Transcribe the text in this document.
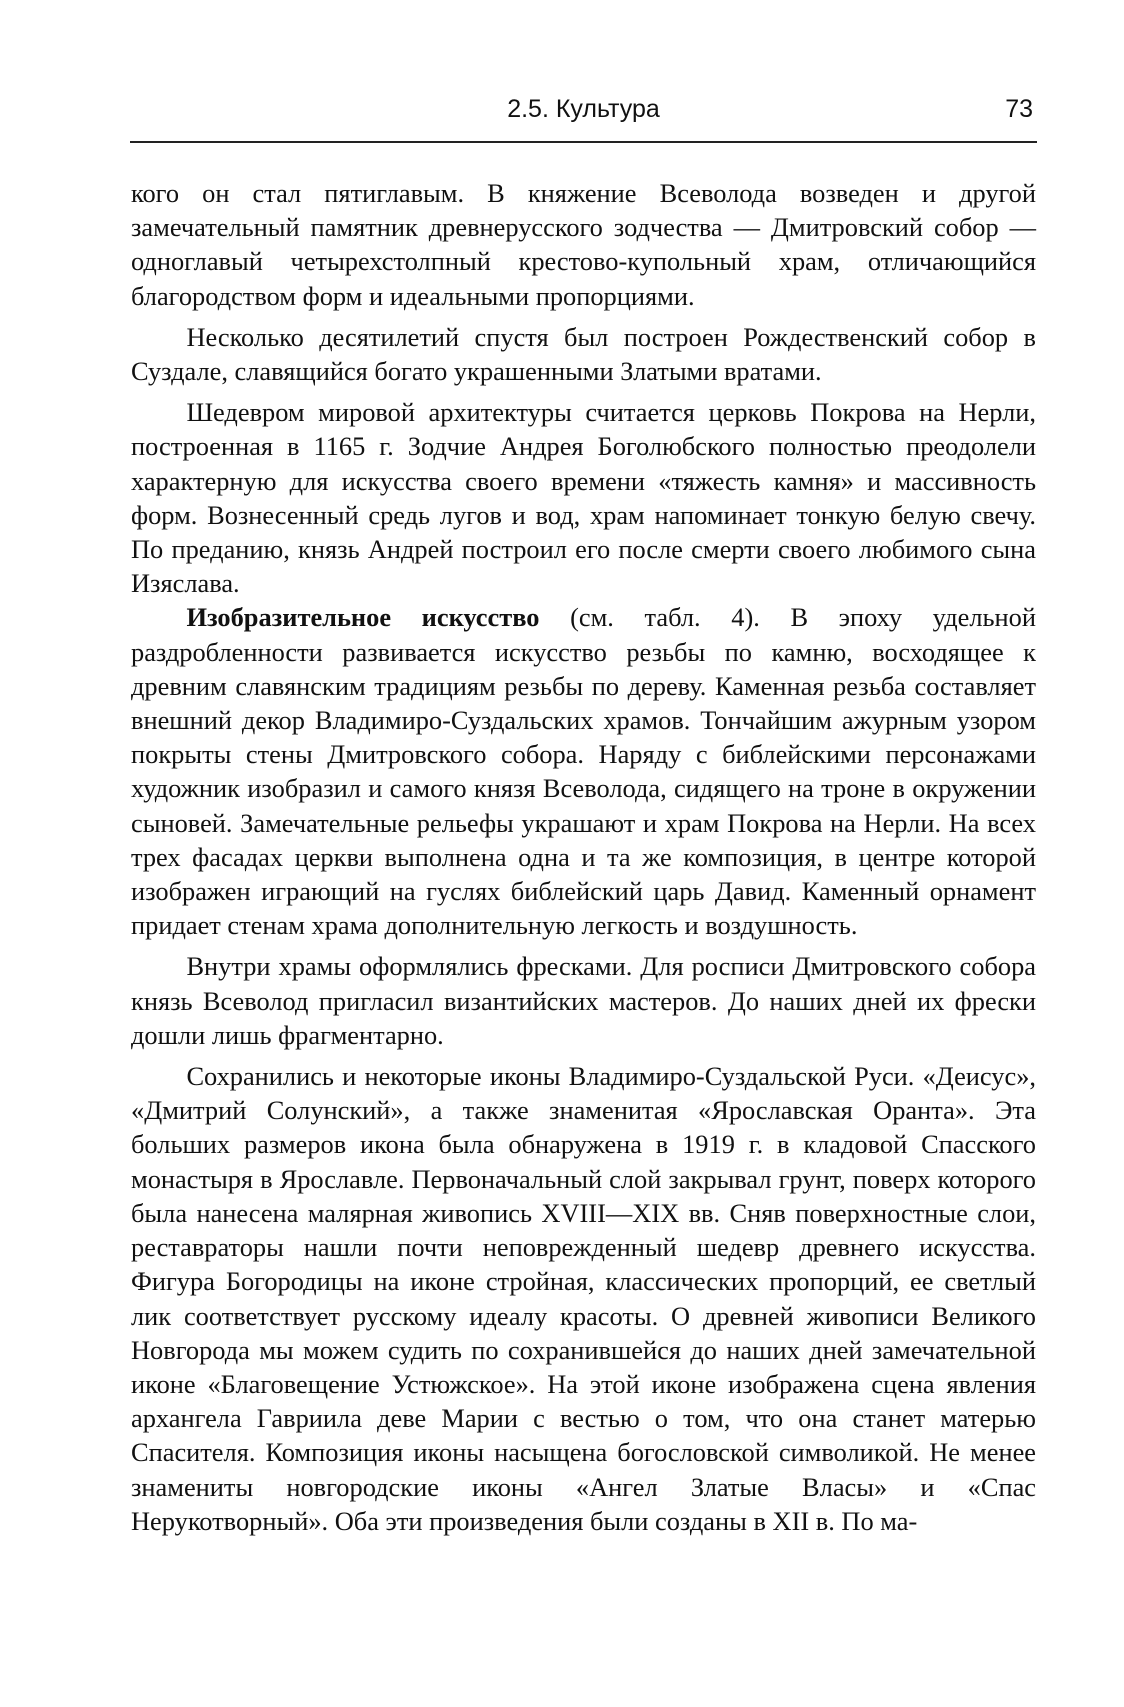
2.5. Культура	73

кого он стал пятиглавым. В княжение Всеволода возведен и другой замечательный памятник древнерусского зодчества — Дмитровский собор — одноглавый четырехстолпный крестово-купольный храм, отличающийся благородством форм и идеальными пропорциями.

Несколько десятилетий спустя был построен Рождественский собор в Суздале, славящийся богато украшенными Златыми вратами.

Шедевром мировой архитектуры считается церковь Покрова на Нерли, построенная в 1165 г. Зодчие Андрея Боголюбского полностью преодолели характерную для искусства своего времени «тяжесть камня» и массивность форм. Вознесенный средь лугов и вод, храм напоминает тонкую белую свечу. По преданию, князь Андрей построил его после смерти своего любимого сына Изяслава.

Изобразительное искусство (см. табл. 4). В эпоху удельной раздробленности развивается искусство резьбы по камню, восходящее к древним славянским традициям резьбы по дереву. Каменная резьба составляет внешний декор Владимиро-Суздальских храмов. Тончайшим ажурным узором покрыты стены Дмитровского собора. Наряду с библейскими персонажами художник изобразил и самого князя Всеволода, сидящего на троне в окружении сыновей. Замечательные рельефы украшают и храм Покрова на Нерли. На всех трех фасадах церкви выполнена одна и та же композиция, в центре которой изображен играющий на гуслях библейский царь Давид. Каменный орнамент придает стенам храма дополнительную легкость и воздушность.

Внутри храмы оформлялись фресками. Для росписи Дмитровского собора князь Всеволод пригласил византийских мастеров. До наших дней их фрески дошли лишь фрагментарно.

Сохранились и некоторые иконы Владимиро-Суздальской Руси. «Деисус», «Дмитрий Солунский», а также знаменитая «Ярославская Оранта». Эта больших размеров икона была обнаружена в 1919 г. в кладовой Спасского монастыря в Ярославле. Первоначальный слой закрывал грунт, поверх которого была нанесена малярная живопись XVIII—XIX вв. Сняв поверхностные слои, реставраторы нашли почти неповрежденный шедевр древнего искусства. Фигура Богородицы на иконе стройная, классических пропорций, ее светлый лик соответствует русскому идеалу красоты. О древней живописи Великого Новгорода мы можем судить по сохранившейся до наших дней замечательной иконе «Благовещение Устюжское». На этой иконе изображена сцена явления архангела Гавриила деве Марии с вестью о том, что она станет матерью Спасителя. Композиция иконы насыщена богословской символикой. Не менее знамениты новгородские иконы «Ангел Златые Власы» и «Спас Нерукотворный». Оба эти произведения были созданы в XII в. По ма-
